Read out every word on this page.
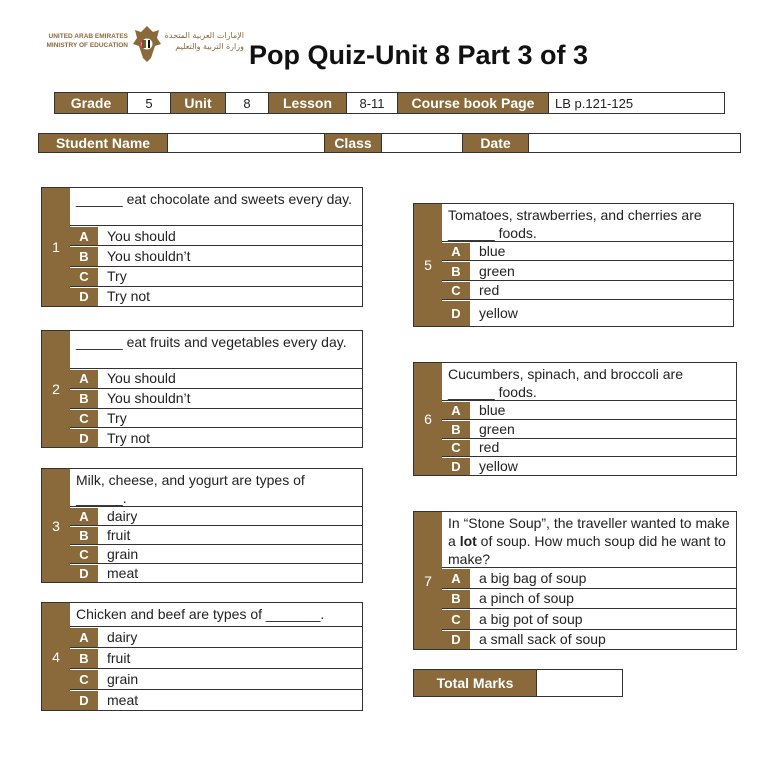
UNITED ARAB EMIRATES
MINISTRY OF EDUCATION
الإمارات العربية المتحدة
وزارة التربية والتعليم Pop Quiz-Unit 8 Part 3 of 3
Grade	5	Unit	8	Lesson	8-11	Course book Page	LB p.121-125
Student Name	Class	Date
1
______ eat chocolate and sweets every day.
A	You should
B	You shouldn’t
C	Try
D	Try not
2
______ eat fruits and vegetables every day.
A	You should
B	You shouldn’t
C	Try
D	Try not
3
Milk, cheese, and yogurt are types of ______.
A	dairy
B	fruit
C	grain
D	meat
4
Chicken and beef are types of _______.
A	dairy
B	fruit
C	grain
D	meat
5
Tomatoes, strawberries, and cherries are ______ foods.
A	blue
B	green
C	red
D	yellow
6
Cucumbers, spinach, and broccoli are ______ foods.
A	blue
B	green
C	red
D	yellow
7
In “Stone Soup”, the traveller wanted to make a lot of soup. How much soup did he want to make?
A	a big bag of soup
B	a pinch of soup
C	a big pot of soup
D	a small sack of soup
Total Marks
